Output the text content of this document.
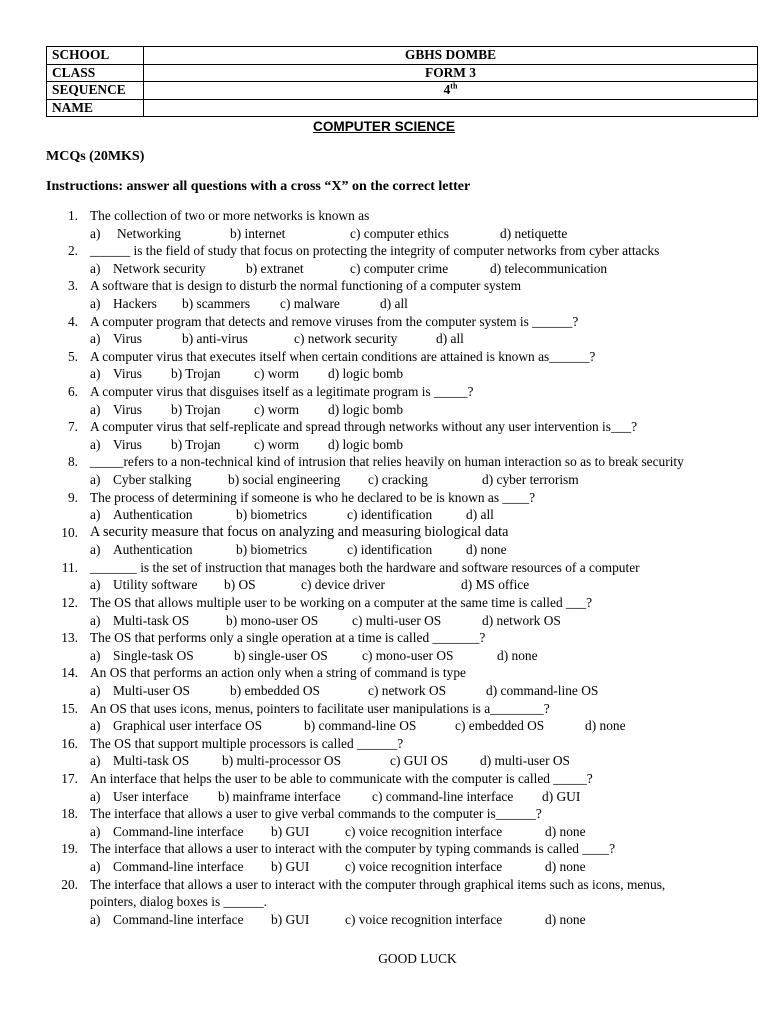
SCHOOL	GBHS DOMBE
CLASS	FORM 3
SEQUENCE	4th
NAME	
COMPUTER SCIENCE
MCQs (20MKS)
Instructions: answer all questions with a cross “X” on the correct letter
1. The collection of two or more networks is known as
a) Networking	b) internet	c) computer ethics	d) netiquette
2. ______ is the field of study that focus on protecting the integrity of computer networks from cyber attacks
a) Network security	b) extranet	c) computer crime	d) telecommunication
3. A software that is design to disturb the normal functioning of a computer system
a) Hackers b) scammers c) malware	d) all
4. A computer program that detects and remove viruses from the computer system is ______?
a) Virus	b) anti-virus	c) network security	d) all
5. A computer virus that executes itself when certain conditions are attained is known as______?
a) Virus b) Trojan	c) worm d) logic bomb
6. A computer virus that disguises itself as a legitimate program is _____?
a) Virus b) Trojan	c) worm d) logic bomb
7. A computer virus that self-replicate and spread through networks without any user intervention is___?
a) Virus b) Trojan	c) worm d) logic bomb
8. _____refers to a non-technical kind of intrusion that relies heavily on human interaction so as to break security
a) Cyber stalking	b) social engineering c) cracking	d) cyber terrorism
9. The process of determining if someone is who he declared to be is known as ____?
a) Authentication	b) biometrics	c) identification	d) all
10. A security measure that focus on analyzing and measuring biological data
a) Authentication	b) biometrics	c) identification	d) none
11. _______ is the set of instruction that manages both the hardware and software resources of a computer
a) Utility software b) OS	c) device driver	d) MS office
12. The OS that allows multiple user to be working on a computer at the same time is called ___?
a) Multi-task OS	b) mono-user OS	c) multi-user OS	d) network OS
13. The OS that performs only a single operation at a time is called _______?
a) Single-task OS	b) single-user OS	c) mono-user OS	d) none
14. An OS that performs an action only when a string of command is type
a) Multi-user OS	b) embedded OS	c) network OS	d) command-line OS
15. An OS that uses icons, menus, pointers to facilitate user manipulations is a________?
a) Graphical user interface OS	b) command-line OS	c) embedded OS	d) none
16. The OS that support multiple processors is called ______?
a) Multi-task OS b) multi-processor OS	c) GUI OS d) multi-user OS
17. An interface that helps the user to be able to communicate with the computer is called _____?
a) User interface b) mainframe interface c) command-line interface d) GUI
18. The interface that allows a user to give verbal commands to the computer is______?
a) Command-line interface b) GUI	c) voice recognition interface	d) none
19. The interface that allows a user to interact with the computer by typing commands is called ____?
a) Command-line interface b) GUI	c) voice recognition interface	d) none
20. The interface that allows a user to interact with the computer through graphical items such as icons, menus,
pointers, dialog boxes is ______.
a) Command-line interface b) GUI	c) voice recognition interface	d) none
GOOD LUCK
